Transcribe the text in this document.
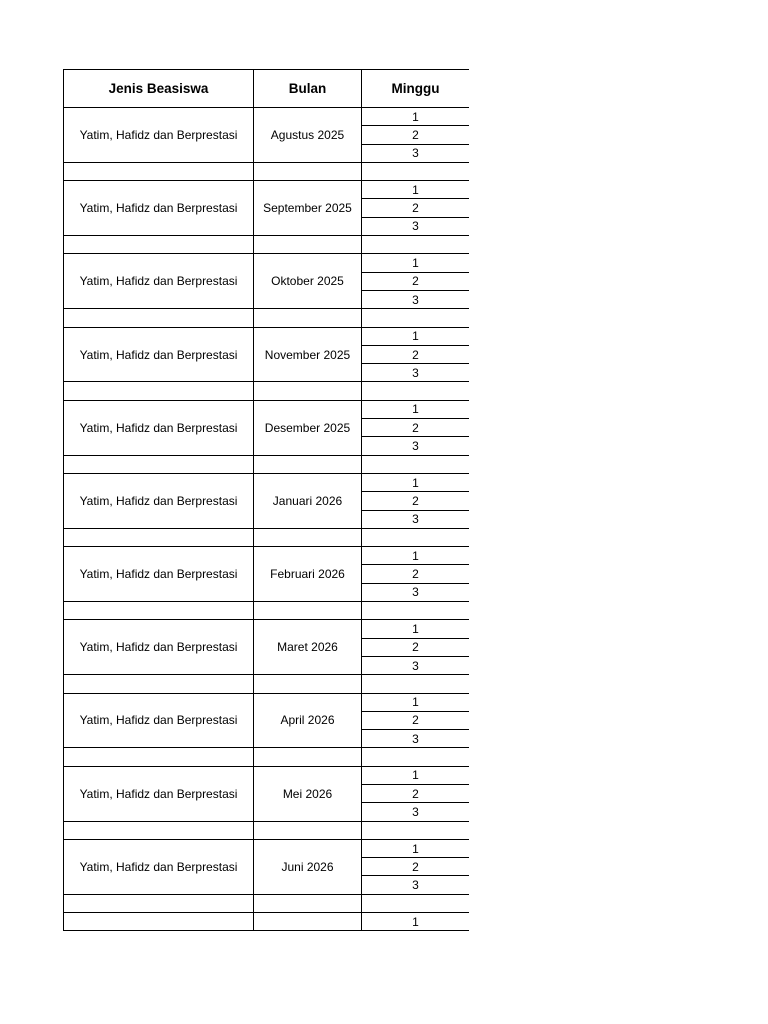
Jenis Beasiswa	Bulan	Minggu
Yatim, Hafidz dan Berprestasi	Agustus 2025	1
		2
		3

Yatim, Hafidz dan Berprestasi	September 2025	1
		2
		3

Yatim, Hafidz dan Berprestasi	Oktober 2025	1
		2
		3

Yatim, Hafidz dan Berprestasi	November 2025	1
		2
		3

Yatim, Hafidz dan Berprestasi	Desember 2025	1
		2
		3

Yatim, Hafidz dan Berprestasi	Januari 2026	1
		2
		3

Yatim, Hafidz dan Berprestasi	Februari 2026	1
		2
		3

Yatim, Hafidz dan Berprestasi	Maret 2026	1
		2
		3

Yatim, Hafidz dan Berprestasi	April 2026	1
		2
		3

Yatim, Hafidz dan Berprestasi	Mei 2026	1
		2
		3

Yatim, Hafidz dan Berprestasi	Juni 2026	1
		2
		3

		1
